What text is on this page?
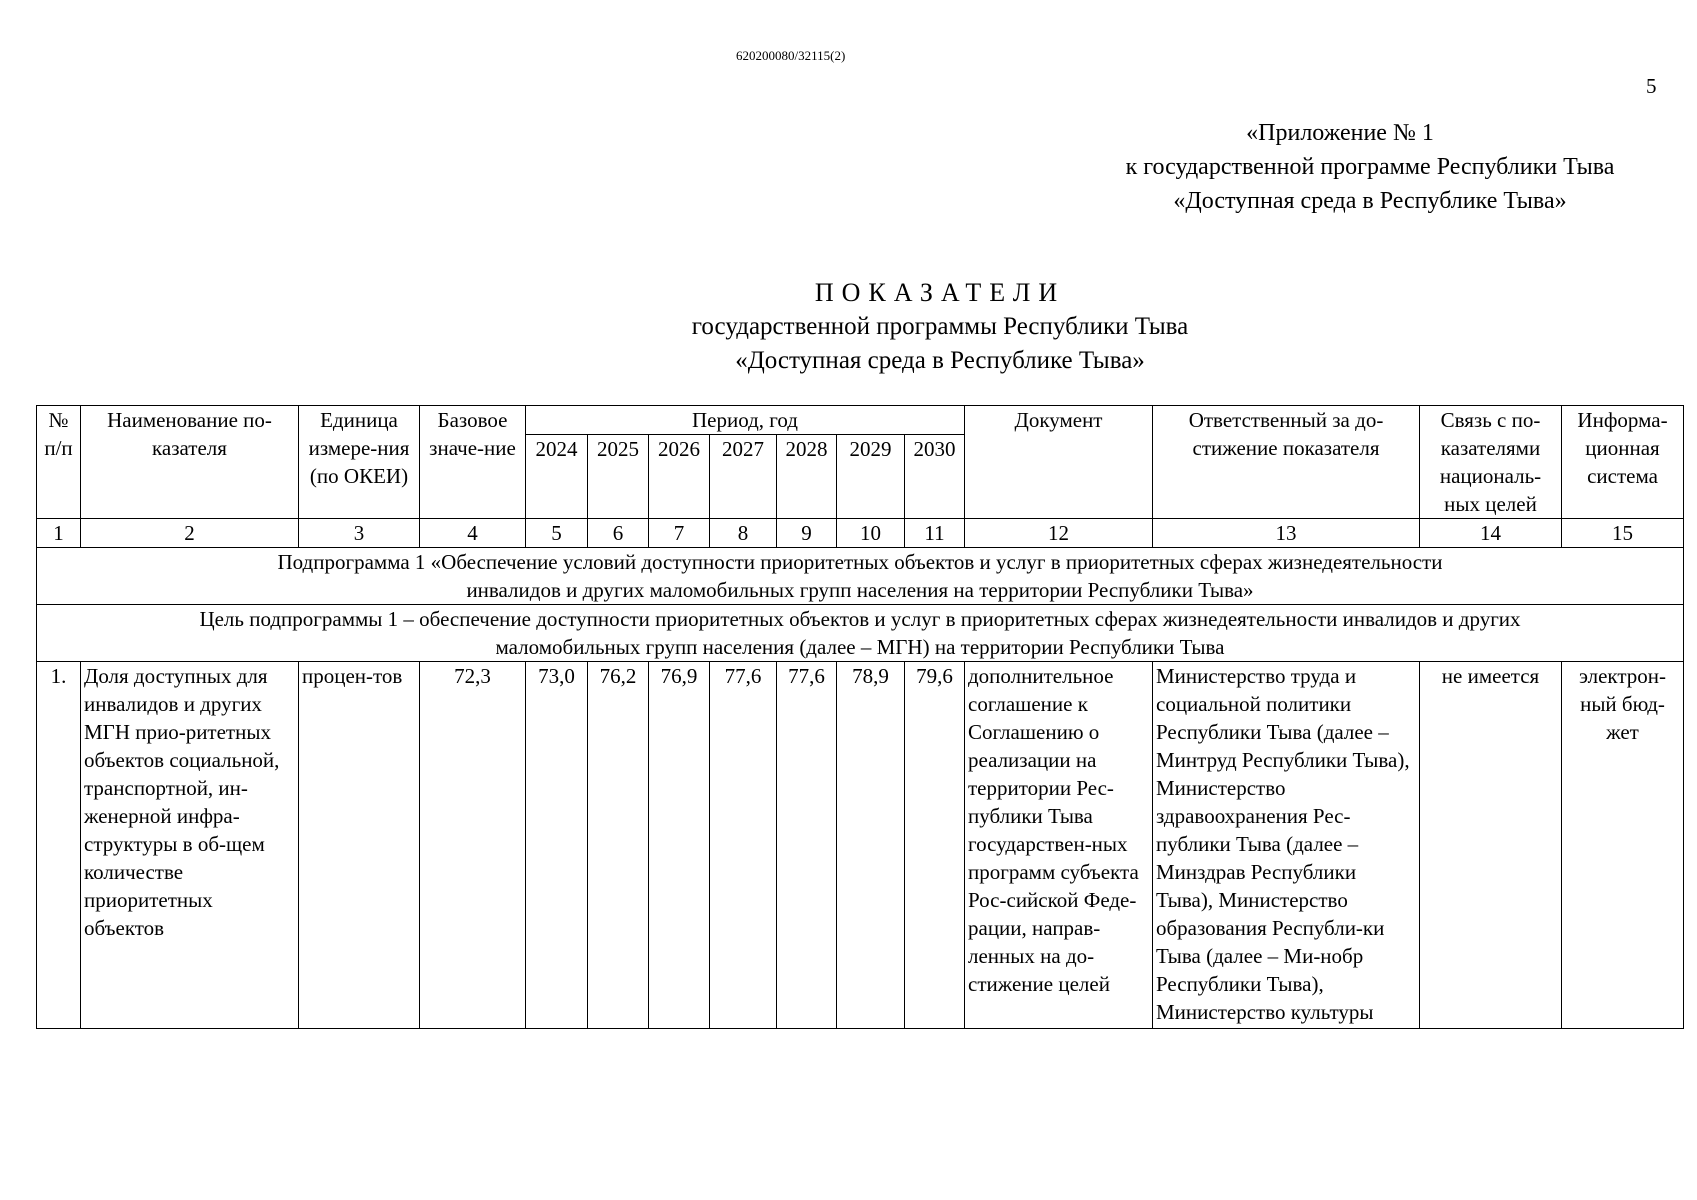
620200080/32115(2)
5
«Приложение № 1
к государственной программе Республики Тыва
«Доступная среда в Республике Тыва»
ПОКАЗАТЕЛИ
государственной программы Республики Тыва
«Доступная среда в Республике Тыва»
№ п/п	Наименование по-казателя	Единица измере-ния (по ОКЕИ)	Базовое значе-ние	Период, год							Документ	Ответственный за до-стижение показателя	Связь с по-казателями националь-ных целей	Информа-ционная система
				2024	2025	2026	2027	2028	2029	2030				
1	2	3	4	5	6	7	8	9	10	11	12	13	14	15
Подпрограмма 1 «Обеспечение условий доступности приоритетных объектов и услуг в приоритетных сферах жизнедеятельности инвалидов и других маломобильных групп населения на территории Республики Тыва»														
Цель подпрограммы 1 – обеспечение доступности приоритетных объектов и услуг в приоритетных сферах жизнедеятельности инвалидов и других маломобильных групп населения (далее – МГН) на территории Республики Тыва														
1.	Доля доступных для инвалидов и других МГН прио-ритетных объектов социальной, транспортной, ин-женерной инфра-структуры в об-щем количестве приоритетных объектов	процен-тов	72,3	73,0	76,2	76,9	77,6	77,6	78,9	79,6	дополнительное соглашение к Соглашению о реализации на территории Рес-публики Тыва государствен-ных программ субъекта Рос-сийской Феде-рации, направ-ленных на до-стижение целей	Министерство труда и социальной политики Республики Тыва (далее – Минтруд Республики Тыва), Министерство здравоохранения Рес-публики Тыва (далее – Минздрав Республики Тыва), Министерство образования Республи-ки Тыва (далее – Ми-нобр Республики Тыва), Министерство культуры	не имеется	электрон-ный бюд-жет
